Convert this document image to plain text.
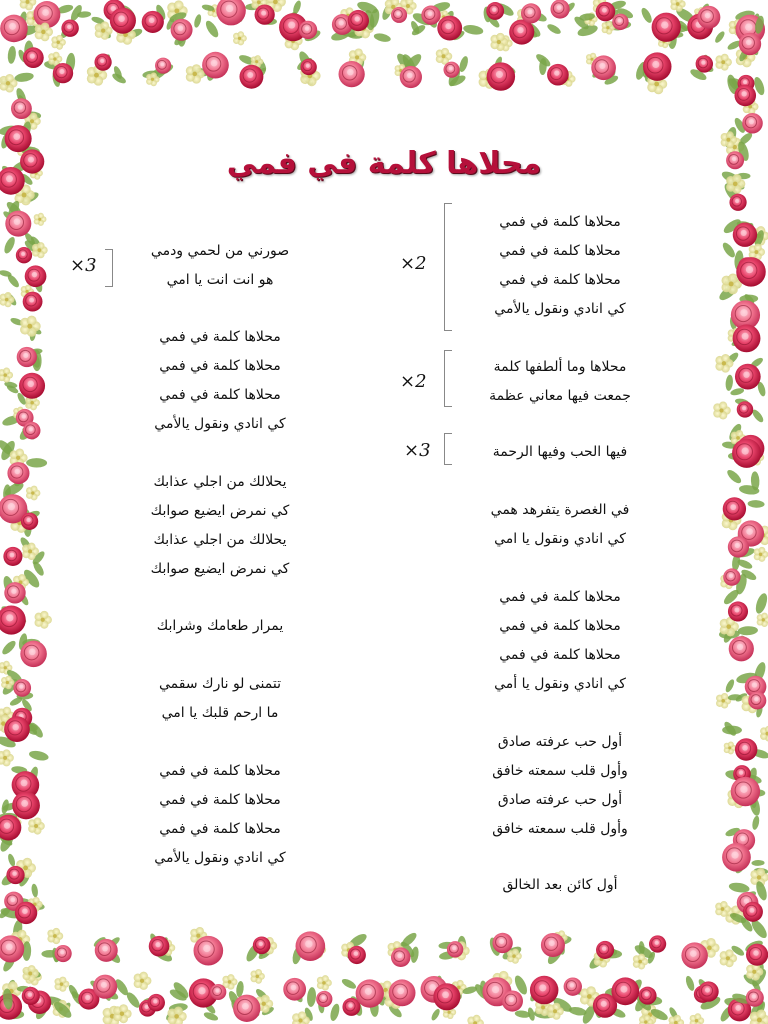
محلاها كلمة في فمي
محلاها كلمة في فمي
محلاها كلمة في فمي
محلاها كلمة في فمي
كي انادي ونقول يالأمي
محلاها وما ألطفها كلمة
جمعت فيها معاني عظمة
فيها الحب وفيها الرحمة
في الغصرة يتفرهد همي
كي انادي ونقول يا امي
محلاها كلمة في فمي
محلاها كلمة في فمي
محلاها كلمة في فمي
كي انادي ونقول يا أمي
أول حب عرفته صادق
وأول قلب سمعته خافق
أول حب عرفته صادق
وأول قلب سمعته خافق
أول كائن بعد الخالق
صورني من لحمي ودمي
هو انت انت يا امي
محلاها كلمة في فمي
محلاها كلمة في فمي
محلاها كلمة في فمي
كي انادي ونقول يالأمي
يحلالك من اجلي عذابك
كي نمرض ايضيع صوابك
يحلالك من اجلي عذابك
كي نمرض ايضيع صوابك
يمرار طعامك وشرابك
تتمنى لو نارك سقمي
ما ارحم قلبك يا امي
محلاها كلمة في فمي
محلاها كلمة في فمي
محلاها كلمة في فمي
كي انادي ونقول يالأمي
×2
×2
×3
×3
